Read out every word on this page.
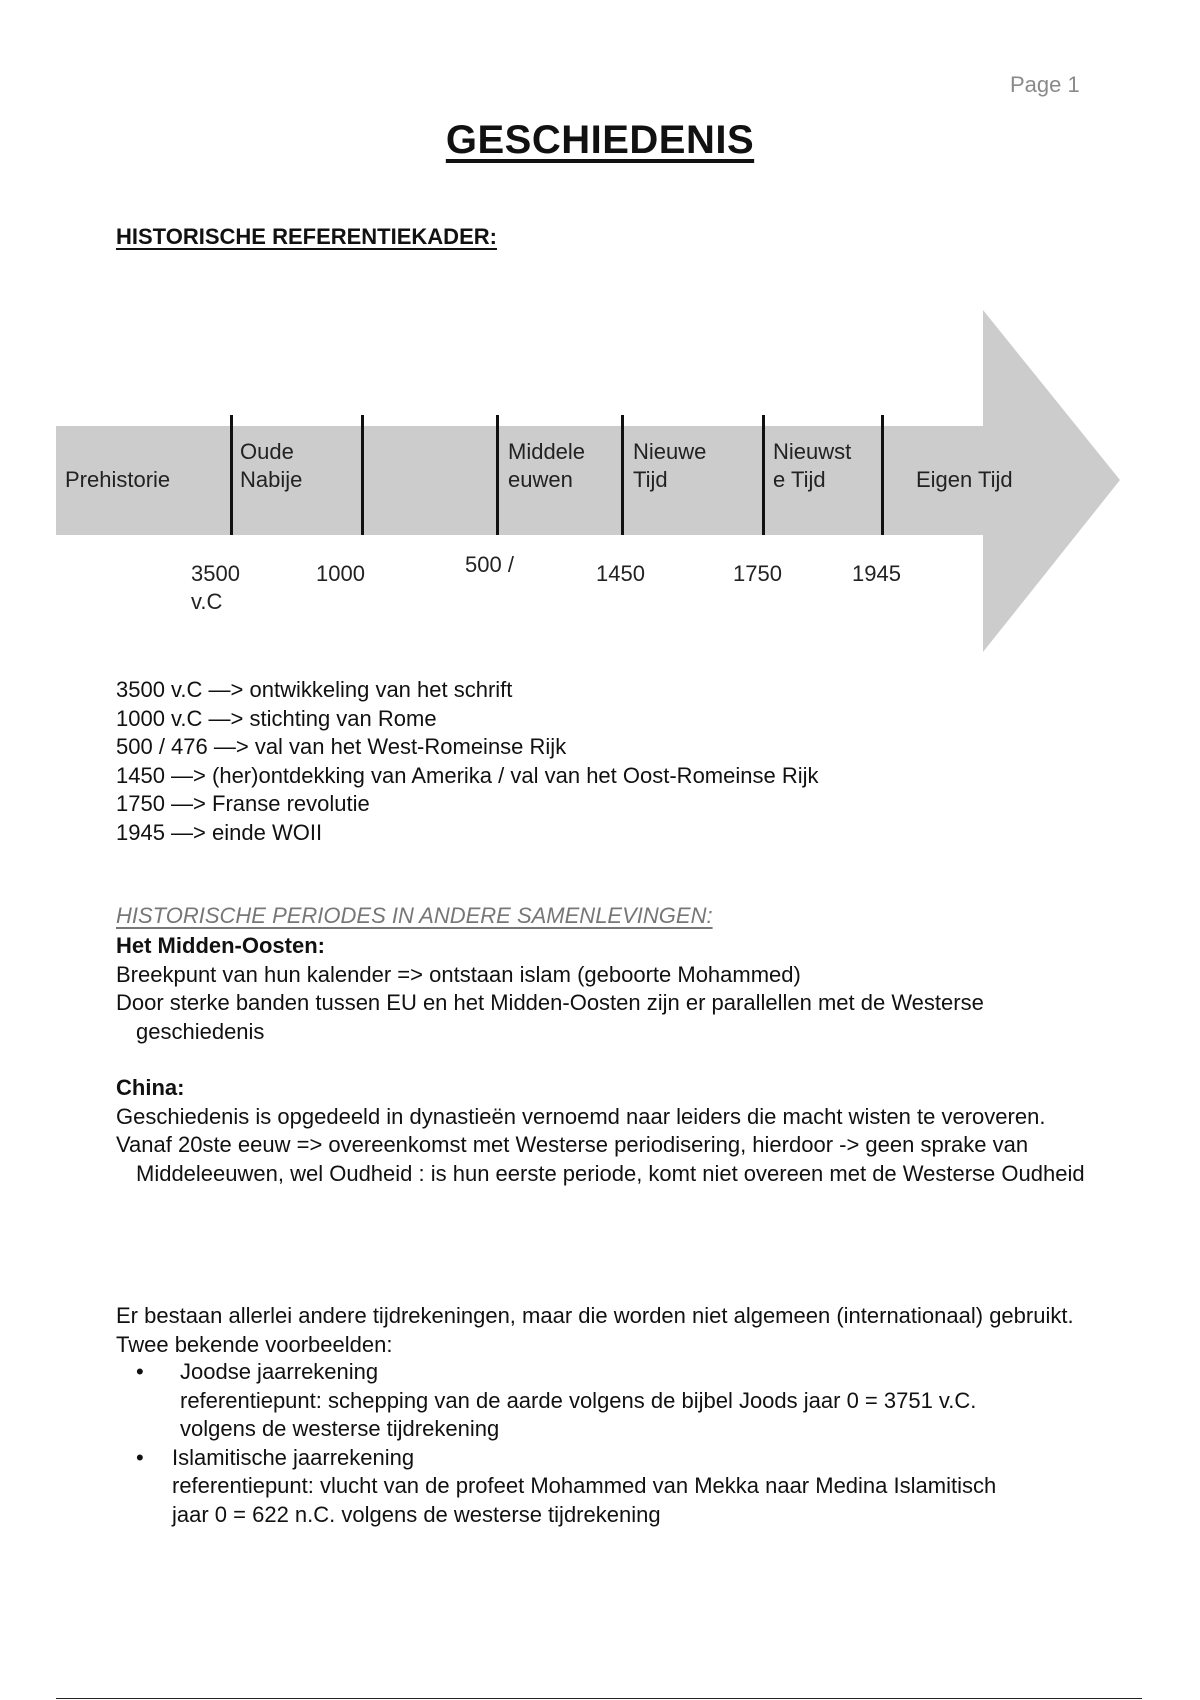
Page 1
GESCHIEDENIS
HISTORISCHE REFERENTIEKADER:
Prehistorie
Oude
Nabije
Middele
euwen
Nieuwe
Tijd
Nieuwst
e Tijd	Eigen Tijd
3500
v.C
1000	500 /	1450	1750	1945
3500 v.C —> ontwikkeling van het schrift
1000 v.C —> stichting van Rome
500 / 476 —> val van het West-Romeinse Rijk
1450 —> (her)ontdekking van Amerika / val van het Oost-Romeinse Rijk
1750 —> Franse revolutie
1945 —> einde WOII
HISTORISCHE PERIODES IN ANDERE SAMENLEVINGEN:
Het Midden-Oosten:
Breekpunt van hun kalender => ontstaan islam (geboorte Mohammed)
Door sterke banden tussen EU en het Midden-Oosten zijn er parallellen met de Westerse geschiedenis
China:
Geschiedenis is opgedeeld in dynastieën vernoemd naar leiders die macht wisten te veroveren.
Vanaf 20ste eeuw => overeenkomst met Westerse periodisering, hierdoor -> geen sprake van Middeleeuwen, wel Oudheid : is hun eerste periode, komt niet overeen met de Westerse Oudheid
Er bestaan allerlei andere tijdrekeningen, maar die worden niet algemeen (internationaal) gebruikt. Twee bekende voorbeelden:
• Joodse jaarrekening
referentiepunt: schepping van de aarde volgens de bijbel Joods jaar 0 = 3751 v.C.
volgens de westerse tijdrekening
• Islamitische jaarrekening
referentiepunt: vlucht van de profeet Mohammed van Mekka naar Medina Islamitisch
jaar 0 = 622 n.C. volgens de westerse tijdrekening
